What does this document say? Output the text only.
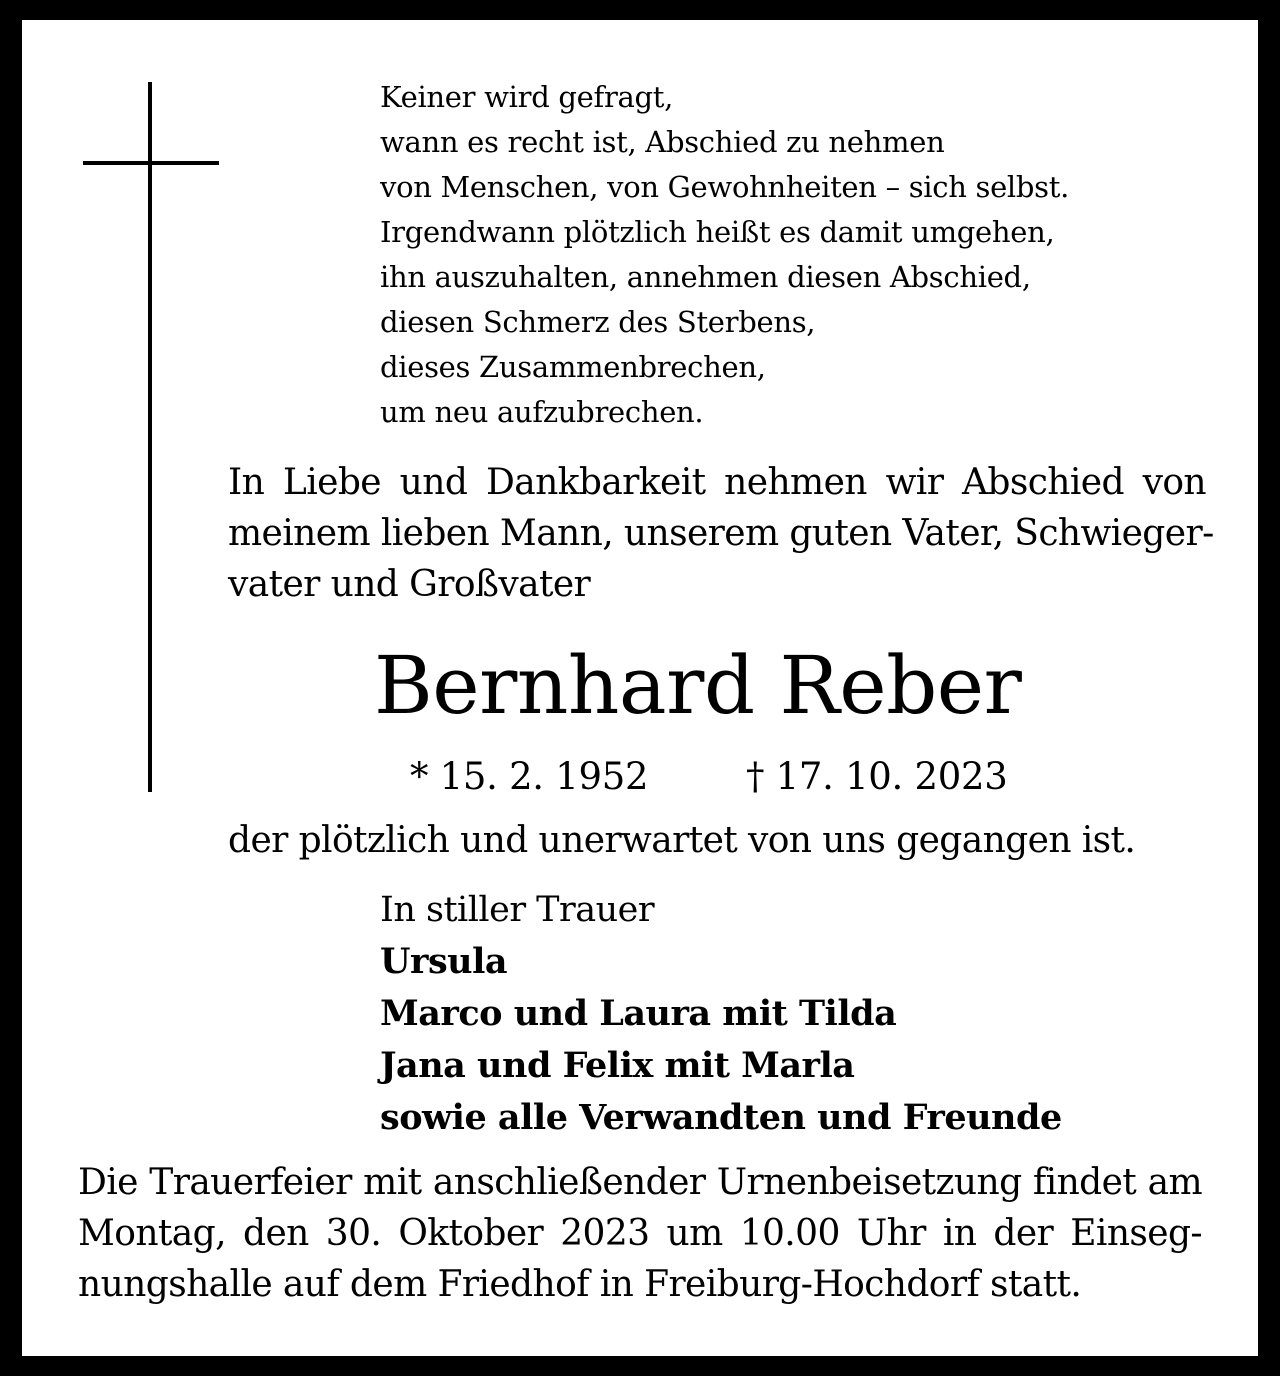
Keiner wird gefragt,
wann es recht ist, Abschied zu nehmen
von Menschen, von Gewohnheiten – sich selbst.
Irgendwann plötzlich heißt es damit umgehen,
ihn auszuhalten, annehmen diesen Abschied,
diesen Schmerz des Sterbens,
dieses Zusammenbrechen,
um neu aufzubrechen.
In Liebe und Dankbarkeit nehmen wir Abschied von
meinem lieben Mann, unserem guten Vater, Schwieger-
vater und Großvater
Bernhard Reber
* 15. 2. 1952	† 17. 10. 2023
der plötzlich und unerwartet von uns gegangen ist.
In stiller Trauer
Ursula
Marco und Laura mit Tilda
Jana und Felix mit Marla
sowie alle Verwandten und Freunde
Die Trauerfeier mit anschließender Urnenbeisetzung findet am
Montag, den 30. Oktober 2023 um 10.00 Uhr in der Einseg-
nungshalle auf dem Friedhof in Freiburg-Hochdorf statt.
